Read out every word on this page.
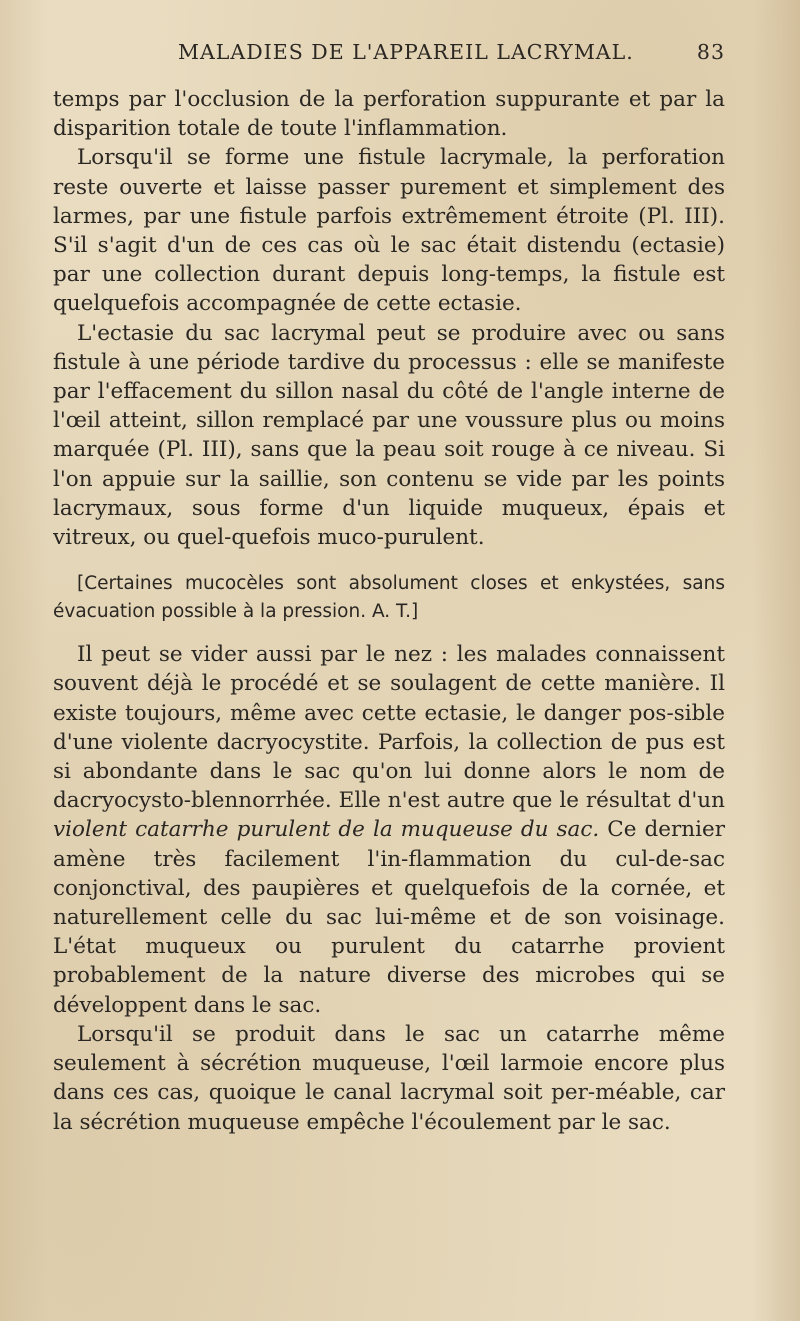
MALADIES DE L'APPAREIL LACRYMAL.	83

temps par l'occlusion de la perforation suppurante et par la disparition totale de toute l'inflammation.

Lorsqu'il se forme une fistule lacrymale, la perforation reste ouverte et laisse passer purement et simplement des larmes, par une fistule parfois extrêmement étroite (Pl. III). S'il s'agit d'un de ces cas où le sac était distendu (ectasie) par une collection durant depuis long-temps, la fistule est quelquefois accompagnée de cette ectasie.

L'ectasie du sac lacrymal peut se produire avec ou sans fistule à une période tardive du processus : elle se manifeste par l'effacement du sillon nasal du côté de l'angle interne de l'œil atteint, sillon remplacé par une voussure plus ou moins marquée (Pl. III), sans que la peau soit rouge à ce niveau. Si l'on appuie sur la saillie, son contenu se vide par les points lacrymaux, sous forme d'un liquide muqueux, épais et vitreux, ou quel-quefois muco-purulent.

[Certaines mucocèles sont absolument closes et enkystées, sans évacuation possible à la pression. A. T.]

Il peut se vider aussi par le nez : les malades connaissent souvent déjà le procédé et se soulagent de cette manière. Il existe toujours, même avec cette ectasie, le danger pos-sible d'une violente dacryocystite. Parfois, la collection de pus est si abondante dans le sac qu'on lui donne alors le nom de dacryocysto-blennorrhée. Elle n'est autre que le résultat d'un violent catarrhe purulent de la muqueuse du sac. Ce dernier amène très facilement l'in-flammation du cul-de-sac conjonctival, des paupières et quelquefois de la cornée, et naturellement celle du sac lui-même et de son voisinage. L'état muqueux ou purulent du catarrhe provient probablement de la nature diverse des microbes qui se développent dans le sac.

Lorsqu'il se produit dans le sac un catarrhe même seulement à sécrétion muqueuse, l'œil larmoie encore plus dans ces cas, quoique le canal lacrymal soit per-méable, car la sécrétion muqueuse empêche l'écoulement par le sac.
